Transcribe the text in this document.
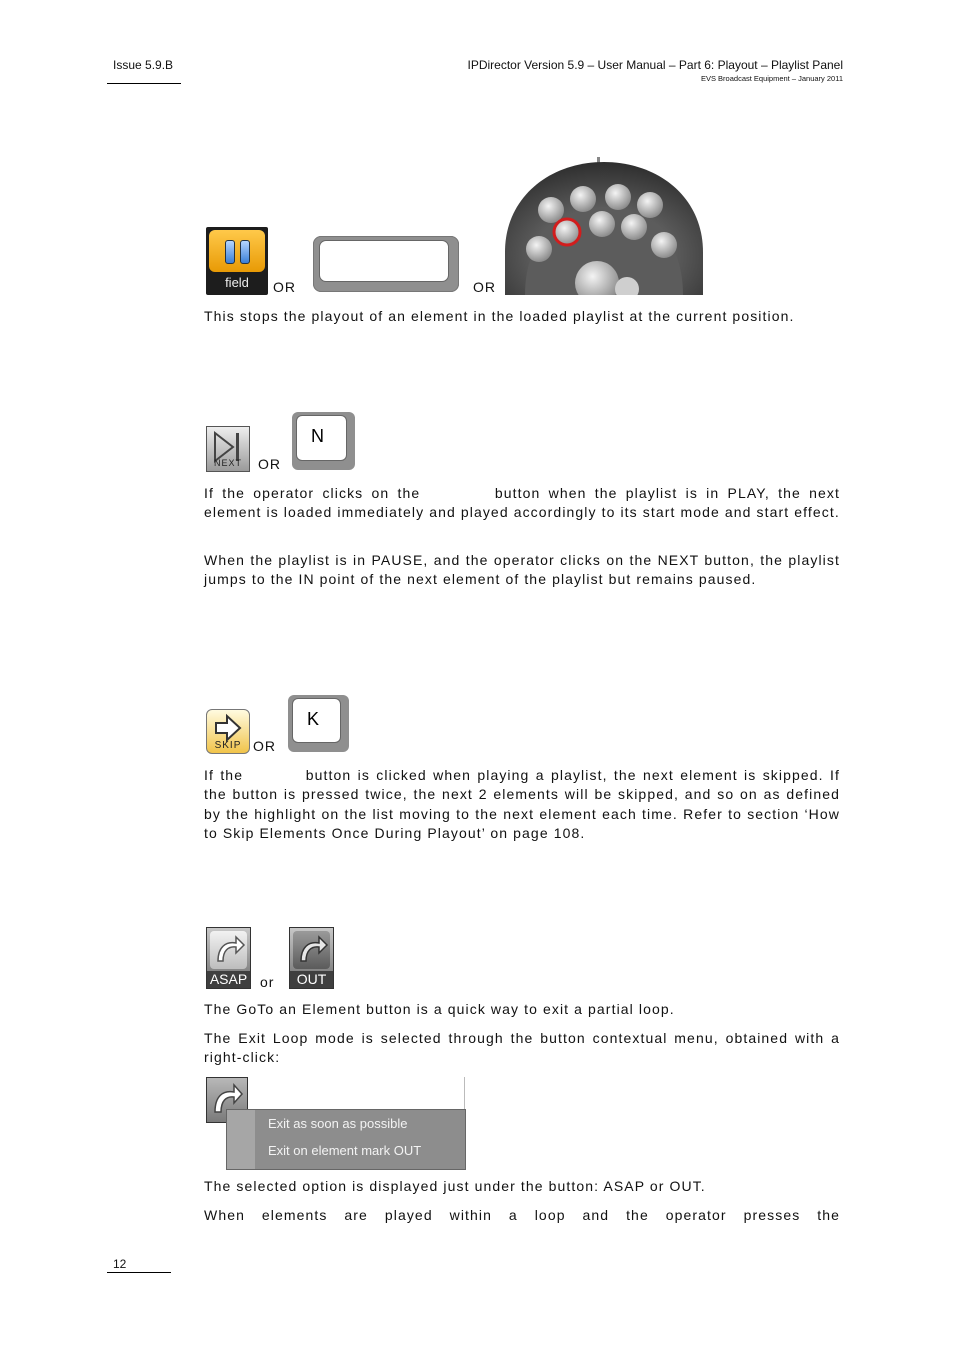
Issue 5.9.B	IPDirector Version 5.9 – User Manual – Part 6: Playout – Playlist Panel
EVS Broadcast Equipment – January 2011
field	OR	OR

This stops the playout of an element in the loaded playlist at the current position.

NEXT	OR
N

If the operator clicks on the	button when the playlist is in PLAY, the next element is loaded immediately and played accordingly to its start mode and start effect.

When the playlist is in PAUSE, and the operator clicks on the NEXT button, the playlist jumps to the IN point of the next element of the playlist but remains paused.

SKIP OR
K

If the	button is clicked when playing a playlist, the next element is skipped. If the button is pressed twice, the next 2 elements will be skipped, and so on as defined by the highlight on the list moving to the next element each time. Refer to section ‘How to Skip Elements Once During Playout’ on page 108.

ASAP or	OUT

The GoTo an Element button is a quick way to exit a partial loop.

The Exit Loop mode is selected through the button contextual menu, obtained with a right-click:

Exit as soon as possible
Exit on element mark OUT

The selected option is displayed just under the button: ASAP or OUT.

When elements are played within a loop and the operator presses the

12
